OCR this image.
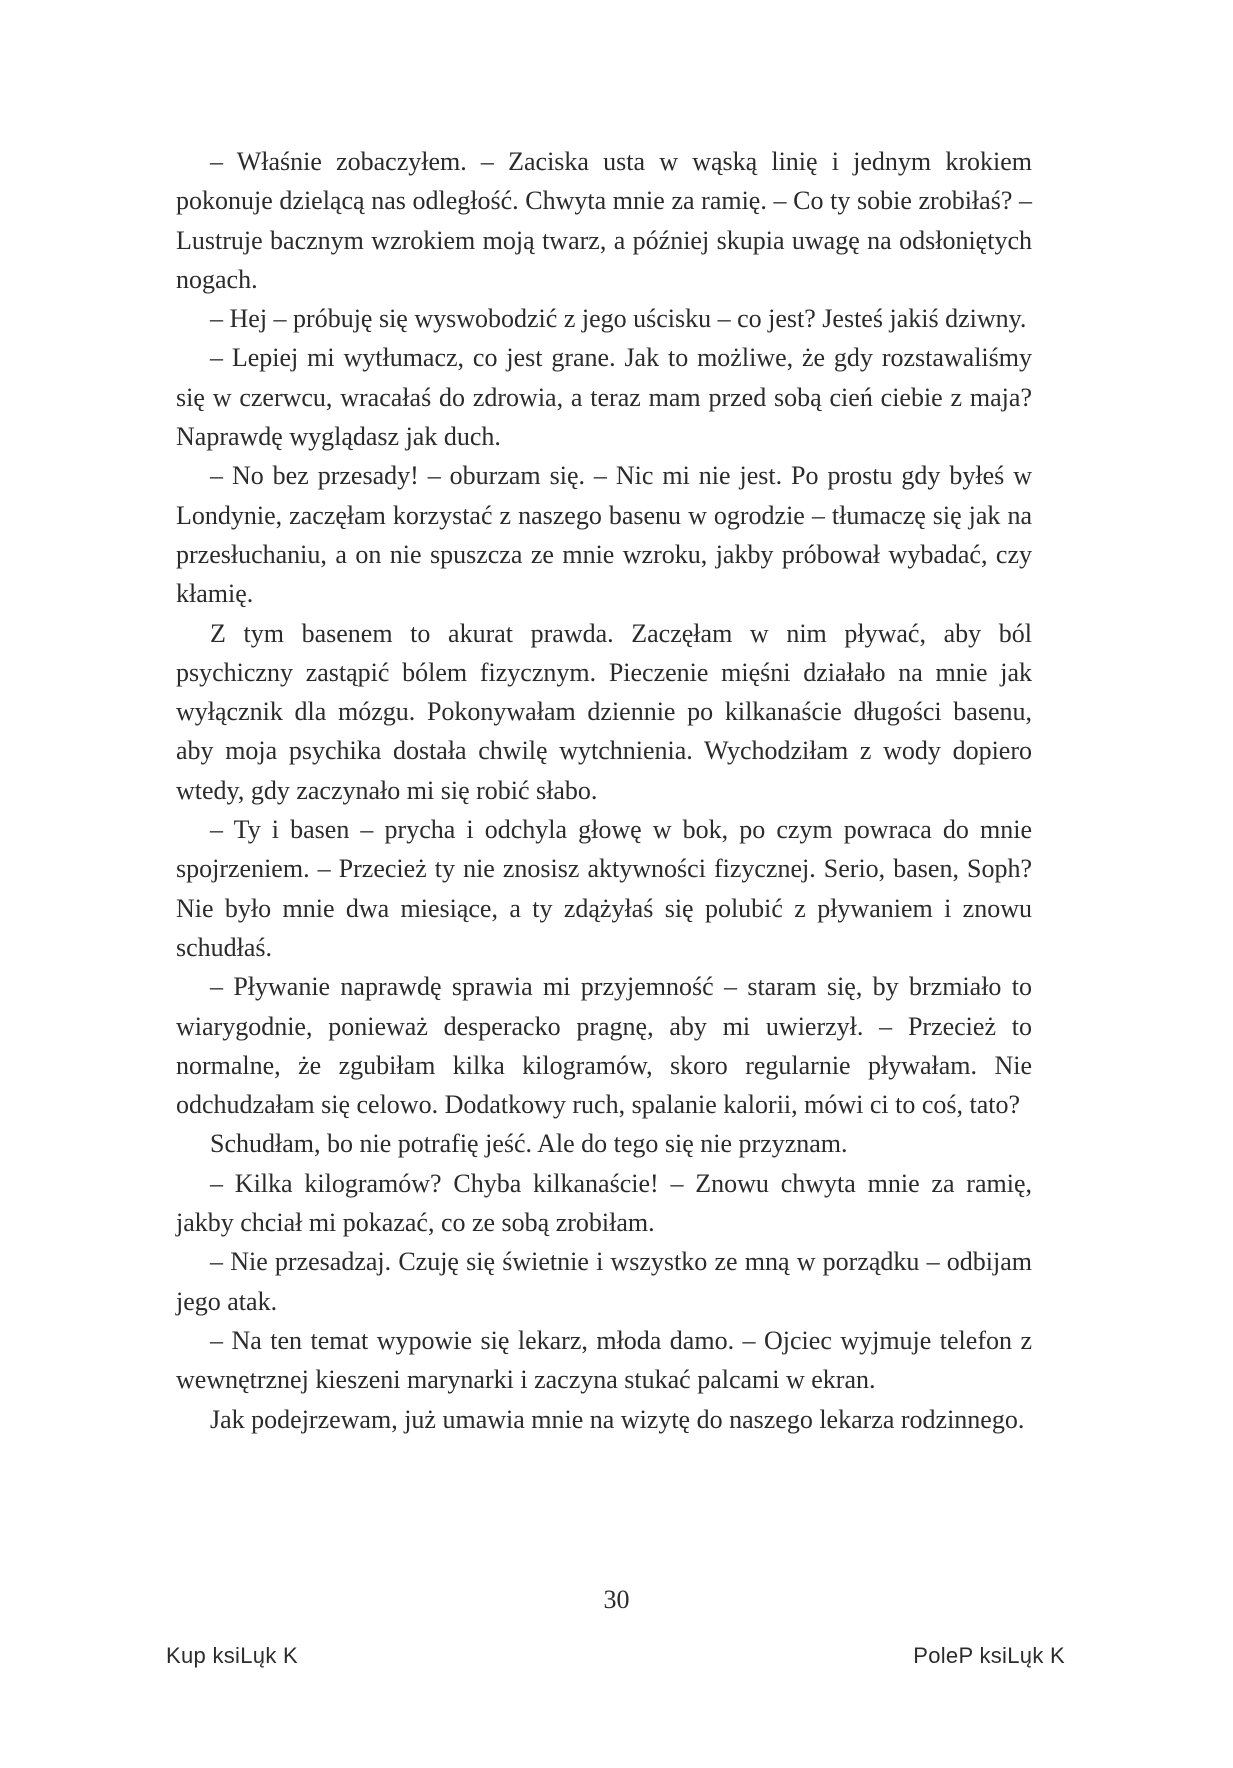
– Właśnie zobaczyłem. – Zaciska usta w wąską linię i jednym krokiem pokonuje dzielącą nas odległość. Chwyta mnie za ramię. – Co ty sobie zrobiłaś? – Lustruje bacznym wzrokiem moją twarz, a później skupia uwagę na odsłoniętych nogach.

– Hej – próbuję się wyswobodzić z jego uścisku – co jest? Jesteś jakiś dziwny.

– Lepiej mi wytłumacz, co jest grane. Jak to możliwe, że gdy rozstawaliśmy się w czerwcu, wracałaś do zdrowia, a teraz mam przed sobą cień ciebie z maja? Naprawdę wyglądasz jak duch.

– No bez przesady! – oburzam się. – Nic mi nie jest. Po prostu gdy byłeś w Londynie, zaczęłam korzystać z naszego basenu w ogrodzie – tłumaczę się jak na przesłuchaniu, a on nie spuszcza ze mnie wzroku, jakby próbował wybadać, czy kłamię.

Z tym basenem to akurat prawda. Zaczęłam w nim pływać, aby ból psychiczny zastąpić bólem fizycznym. Pieczenie mięśni działało na mnie jak wyłącznik dla mózgu. Pokonywałam dziennie po kilkanaście długości basenu, aby moja psychika dostała chwilę wytchnienia. Wychodziłam z wody dopiero wtedy, gdy zaczynało mi się robić słabo.

– Ty i basen – prycha i odchyla głowę w bok, po czym powraca do mnie spojrzeniem. – Przecież ty nie znosisz aktywności fizycznej. Serio, basen, Soph? Nie było mnie dwa miesiące, a ty zdążyłaś się polubić z pływaniem i znowu schudłaś.

– Pływanie naprawdę sprawia mi przyjemność – staram się, by brzmiało to wiarygodnie, ponieważ desperacko pragnę, aby mi uwierzył. – Przecież to normalne, że zgubiłam kilka kilogramów, skoro regularnie pływałam. Nie odchudzałam się celowo. Dodatkowy ruch, spalanie kalorii, mówi ci to coś, tato?

Schudłam, bo nie potrafię jeść. Ale do tego się nie przyznam.

– Kilka kilogramów? Chyba kilkanaście! – Znowu chwyta mnie za ramię, jakby chciał mi pokazać, co ze sobą zrobiłam.

– Nie przesadzaj. Czuję się świetnie i wszystko ze mną w porządku – odbijam jego atak.

– Na ten temat wypowie się lekarz, młoda damo. – Ojciec wyjmuje telefon z wewnętrznej kieszeni marynarki i zaczyna stukać palcami w ekran.

Jak podejrzewam, już umawia mnie na wizytę do naszego lekarza rodzinnego.

30
Kup ksiLųk K	PoleP ksiLųk K
